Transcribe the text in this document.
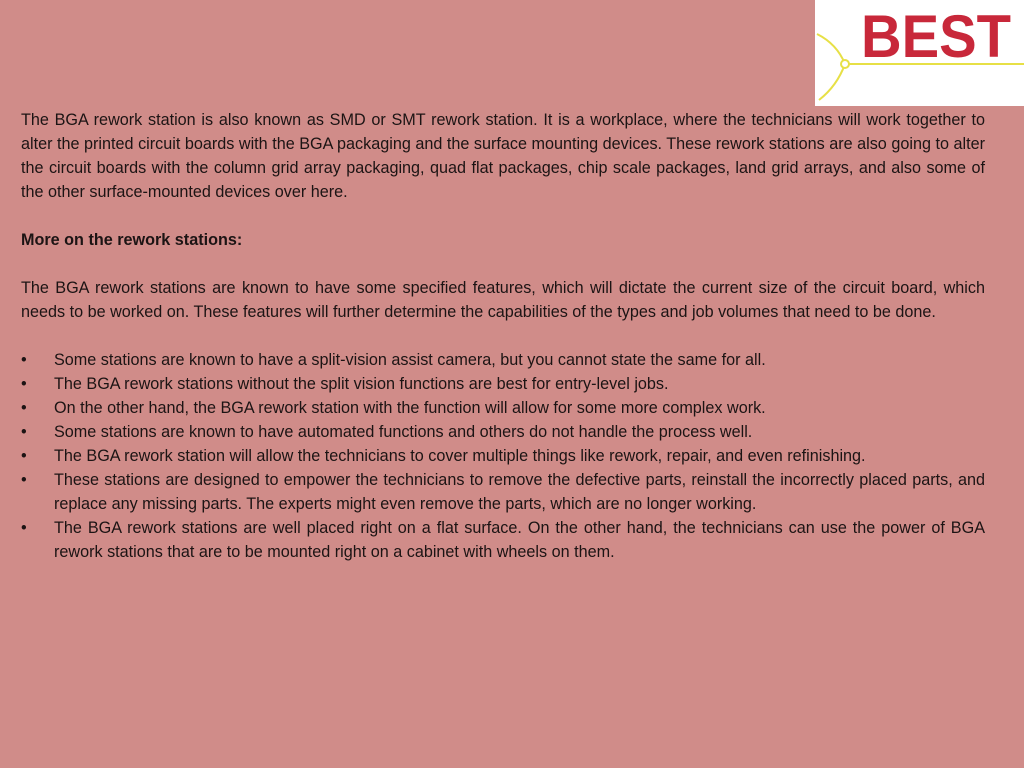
BEST

The BGA rework station is also known as SMD or SMT rework station. It is a workplace, where the technicians will work together to alter the printed circuit boards with the BGA packaging and the surface mounting devices. These rework stations are also going to alter the circuit boards with the column grid array packaging, quad flat packages, chip scale packages, land grid arrays, and also some of the other surface-mounted devices over here.

More on the rework stations:

The BGA rework stations are known to have some specified features, which will dictate the current size of the circuit board, which needs to be worked on. These features will further determine the capabilities of the types and job volumes that need to be done.

• Some stations are known to have a split-vision assist camera, but you cannot state the same for all.
• The BGA rework stations without the split vision functions are best for entry-level jobs.
• On the other hand, the BGA rework station with the function will allow for some more complex work.
• Some stations are known to have automated functions and others do not handle the process well.
• The BGA rework station will allow the technicians to cover multiple things like rework, repair, and even refinishing.
• These stations are designed to empower the technicians to remove the defective parts, reinstall the incorrectly placed parts, and replace any missing parts. The experts might even remove the parts, which are no longer working.
• The BGA rework stations are well placed right on a flat surface. On the other hand, the technicians can use the power of BGA rework stations that are to be mounted right on a cabinet with wheels on them.
